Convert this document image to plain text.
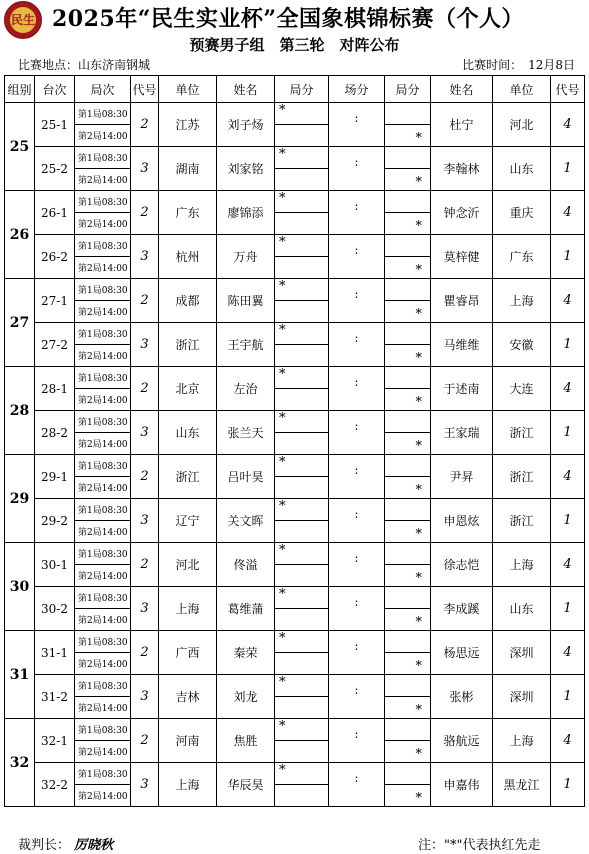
民生 2025年“民生实业杯”全国象棋锦标赛（个人）
预赛男子组　第三轮　对阵公布
比赛地点：山东济南钢城	比赛时间：　12月8日
组别	台次	局次	代号	单位	姓名	局分	场分	局分	姓名	单位	代号
25	25-1	第1局08:30	2	江苏	刘子炀	*	:		杜宁	河北	4
		第2局14:00						*			
	25-2	第1局08:30	3	湖南	刘家铭	*	:		李翰林	山东	1
		第2局14:00						*			
26	26-1	第1局08:30	2	广东	廖锦添	*	:		钟念沂	重庆	4
		第2局14:00						*			
	26-2	第1局08:30	3	杭州	万舟	*	:		莫梓健	广东	1
		第2局14:00						*			
27	27-1	第1局08:30	2	成都	陈田翼	*	:		瞿睿昂	上海	4
		第2局14:00						*			
	27-2	第1局08:30	3	浙江	王宇航	*	:		马维维	安徽	1
		第2局14:00						*			
28	28-1	第1局08:30	2	北京	左治	*	:		于述南	大连	4
		第2局14:00						*			
	28-2	第1局08:30	3	山东	张兰天	*	:		王家瑞	浙江	1
		第2局14:00						*			
29	29-1	第1局08:30	2	浙江	吕叶昊	*	:		尹昇	浙江	4
		第2局14:00						*			
	29-2	第1局08:30	3	辽宁	关文晖	*	:		申恩炫	浙江	1
		第2局14:00						*			
30	30-1	第1局08:30	2	河北	佟溢	*	:		徐志恺	上海	4
		第2局14:00						*			
	30-2	第1局08:30	3	上海	葛维蒲	*	:		李成蹊	山东	1
		第2局14:00						*			
31	31-1	第1局08:30	2	广西	秦荣	*	:		杨思远	深圳	4
		第2局14:00						*			
	31-2	第1局08:30	3	吉林	刘龙	*	:		张彬	深圳	1
		第2局14:00						*			
32	32-1	第1局08:30	2	河南	焦胜	*	:		骆航远	上海	4
		第2局14:00						*			
	32-2	第1局08:30	3	上海	华辰昊	*	:		申嘉伟	黑龙江	1
		第2局14:00						*			
裁判长： 厉晓秋	注："*"代表执红先走
